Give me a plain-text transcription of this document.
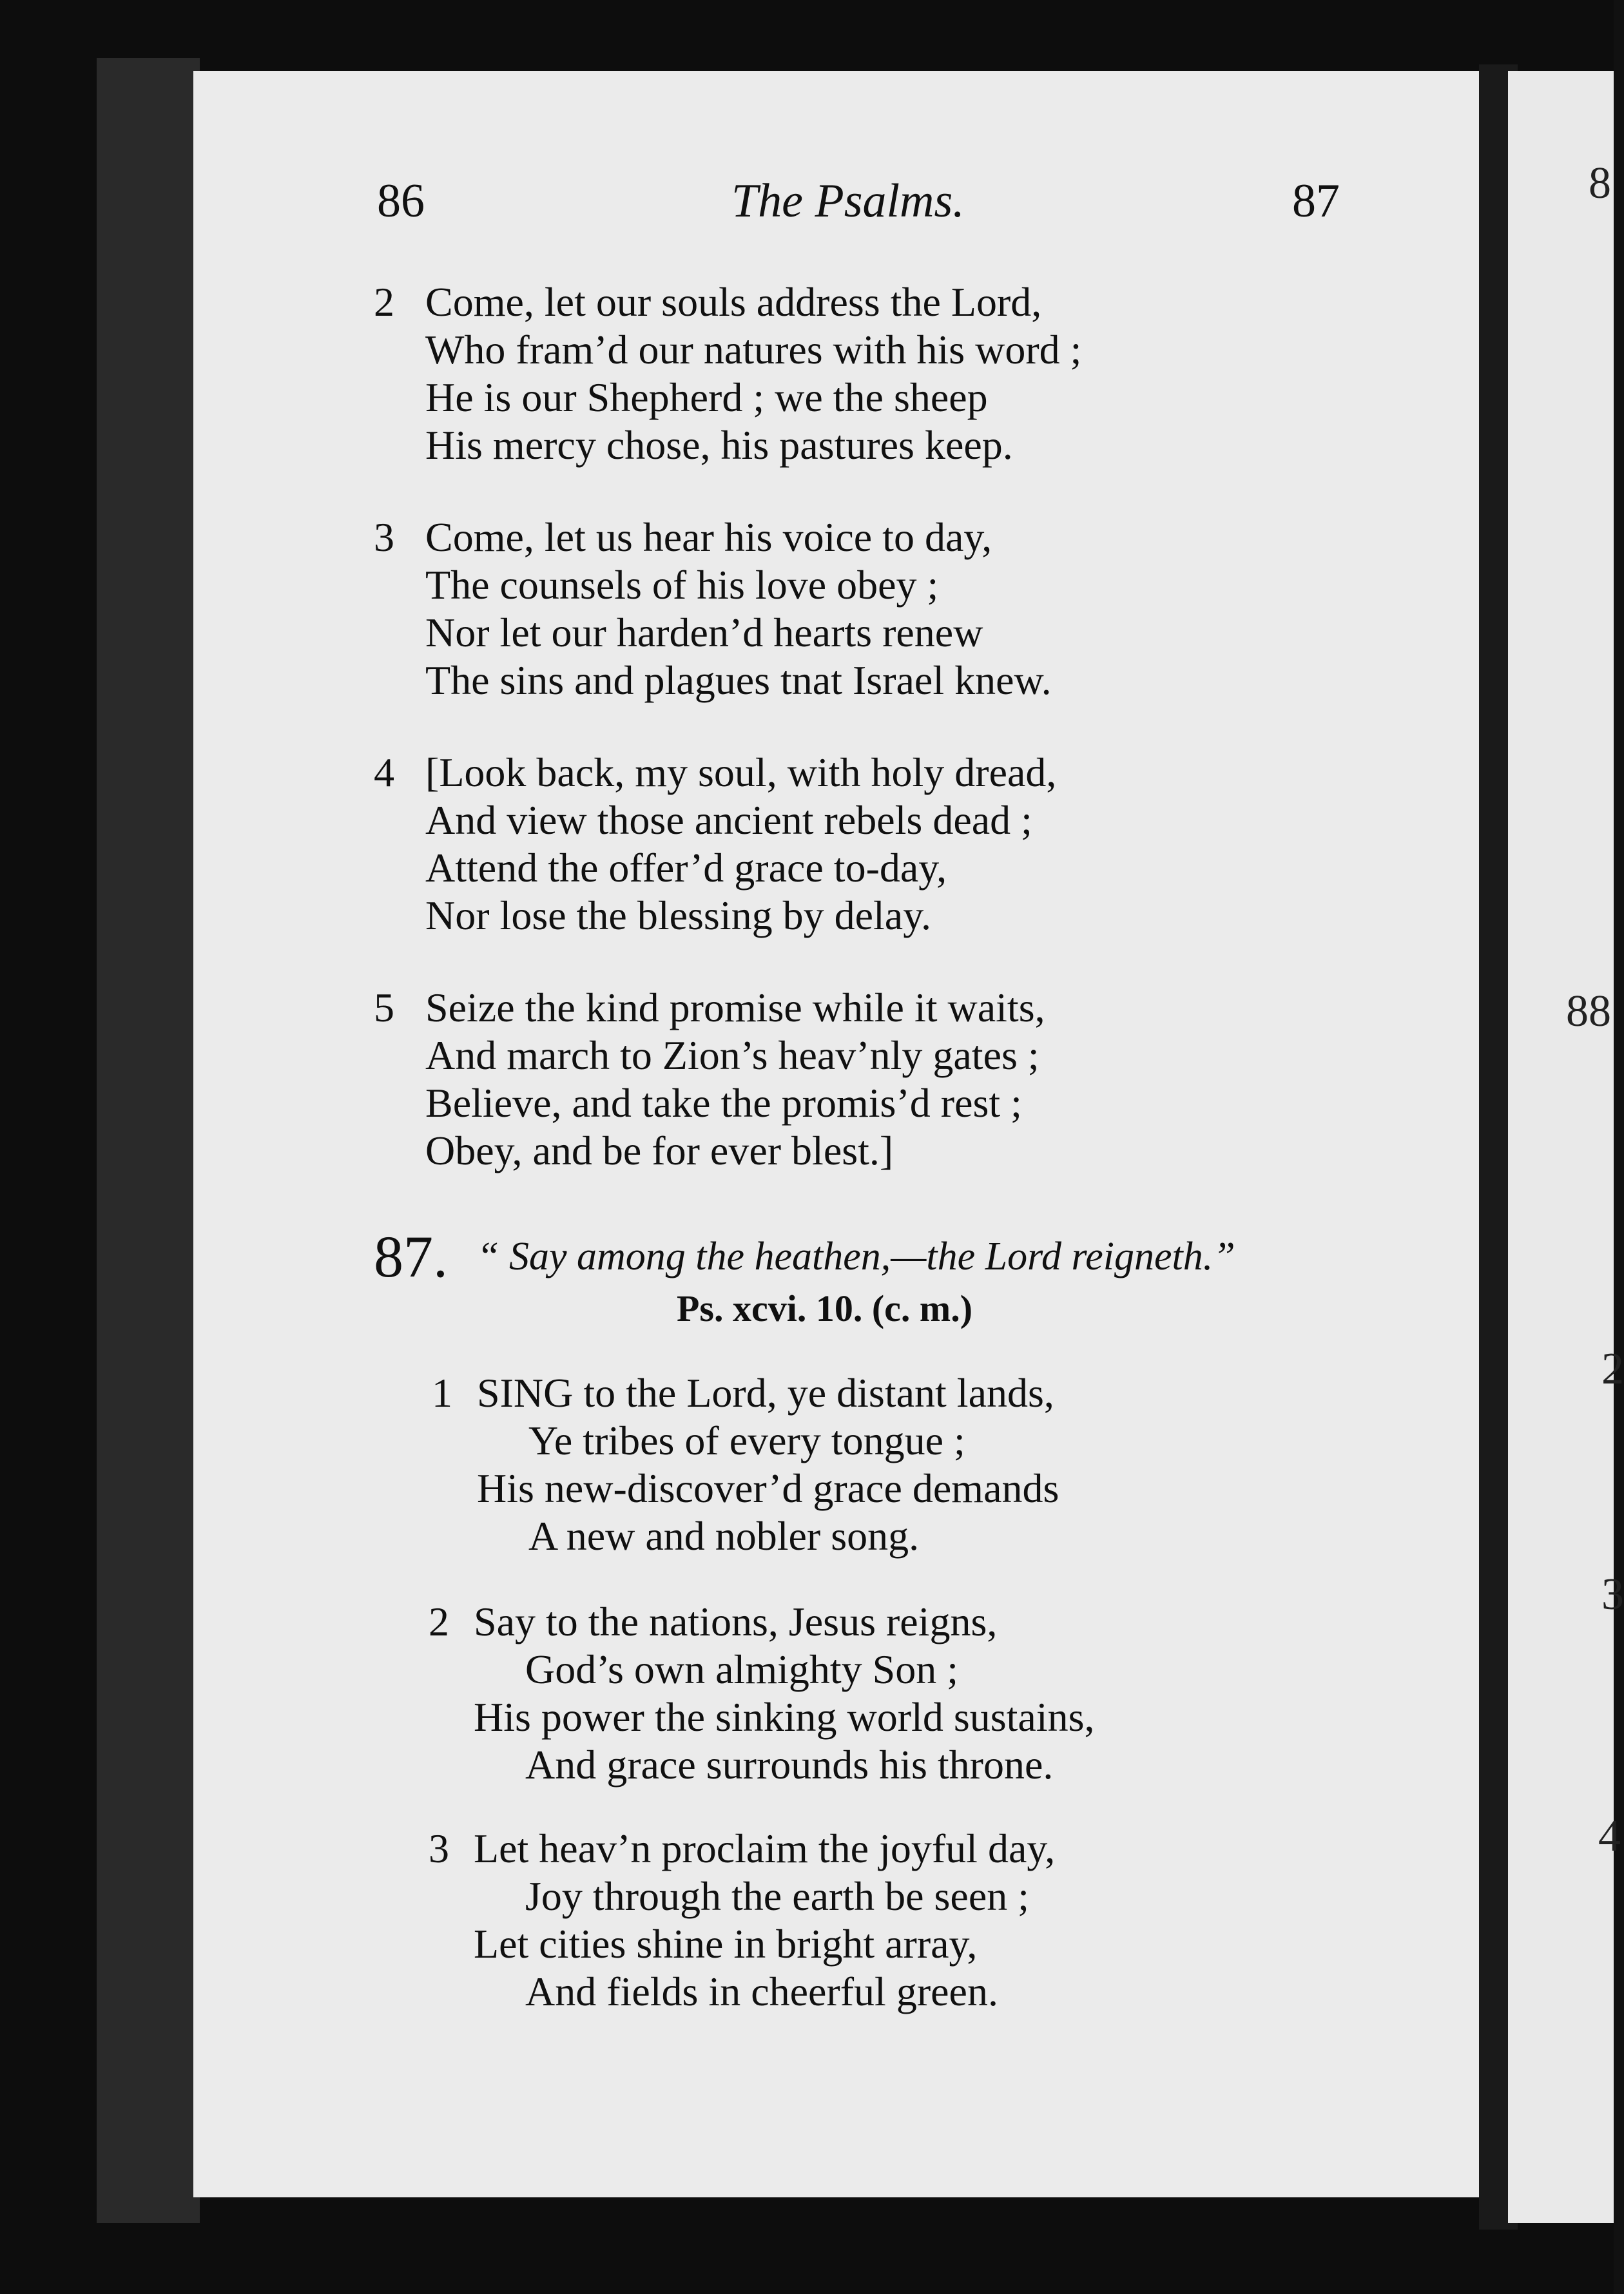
86	The Psalms.	87
2 Come, let our souls address the Lord,
Who fram’d our natures with his word ;
He is our Shepherd ; we the sheep
His mercy chose, his pastures keep.
3 Come, let us hear his voice to day,
The counsels of his love obey ;
Nor let our harden’d hearts renew
The sins and plagues tnat Israel knew.
4 [Look back, my soul, with holy dread,
And view those ancient rebels dead ;
Attend the offer’d grace to-day,
Nor lose the blessing by delay.
5 Seize the kind promise while it waits,
And march to Zion’s heav’nly gates ;
Believe, and take the promis’d rest ;
Obey, and be for ever blest.]
87. “ Say among the heathen,—the Lord reigneth.”
Ps. xcvi. 10. (c. m.)
1 SING to the Lord, ye distant lands,
Ye tribes of every tongue ;
His new-discover’d grace demands
A new and nobler song.
2 Say to the nations, Jesus reigns,
God’s own almighty Son ;
His power the sinking world sustains,
And grace surrounds his throne.
3 Let heav’n proclaim the joyful day,
Joy through the earth be seen ;
Let cities shine in bright array,
And fields in cheerful green.
8
88
2
3
4
